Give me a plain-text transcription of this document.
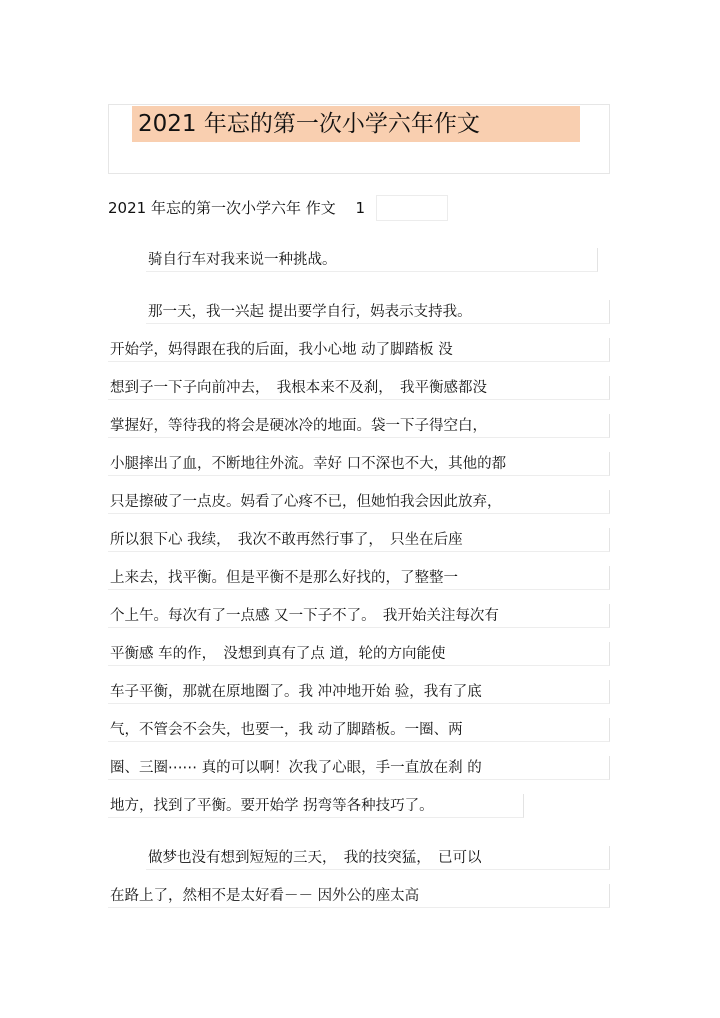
2021 年忘的第一次小学六年作文
2021 年忘的第一次小学六年 作文　 1
骑自行车对我来说一种挑战。
那一天，我一兴起 提出要学自行，妈表示支持我。
开始学，妈得跟在我的后面，我小心地 动了脚踏板 没
想到子一下子向前冲去，　我根本来不及刹，　我平衡感都没
掌握好，等待我的将会是硬冰冷的地面。袋一下子得空白，
小腿摔出了血，不断地往外流。幸好 口不深也不大，其他的都
只是擦破了一点皮。妈看了心疼不已，但她怕我会因此放弃，
所以狠下心 我续，　我次不敢再然行事了，　只坐在后座
上来去，找平衡。但是平衡不是那么好找的，了整整一
个上午。每次有了一点感 又一下子不了。　我开始关注每次有
平衡感 车的作，　没想到真有了点 道，轮的方向能使
车子平衡，那就在原地圈了。我 冲冲地开始 验，我有了底
气，不管会不会失，也要一，我 动了脚踏板。一圈、两
圈、三圈⋯⋯ 真的可以啊！次我了心眼，手一直放在刹 的
地方，找到了平衡。要开始学 拐弯等各种技巧了。
做梦也没有想到短短的三天，　我的技突猛，　已可以
在路上了，然相不是太好看－－ 因外公的座太高
